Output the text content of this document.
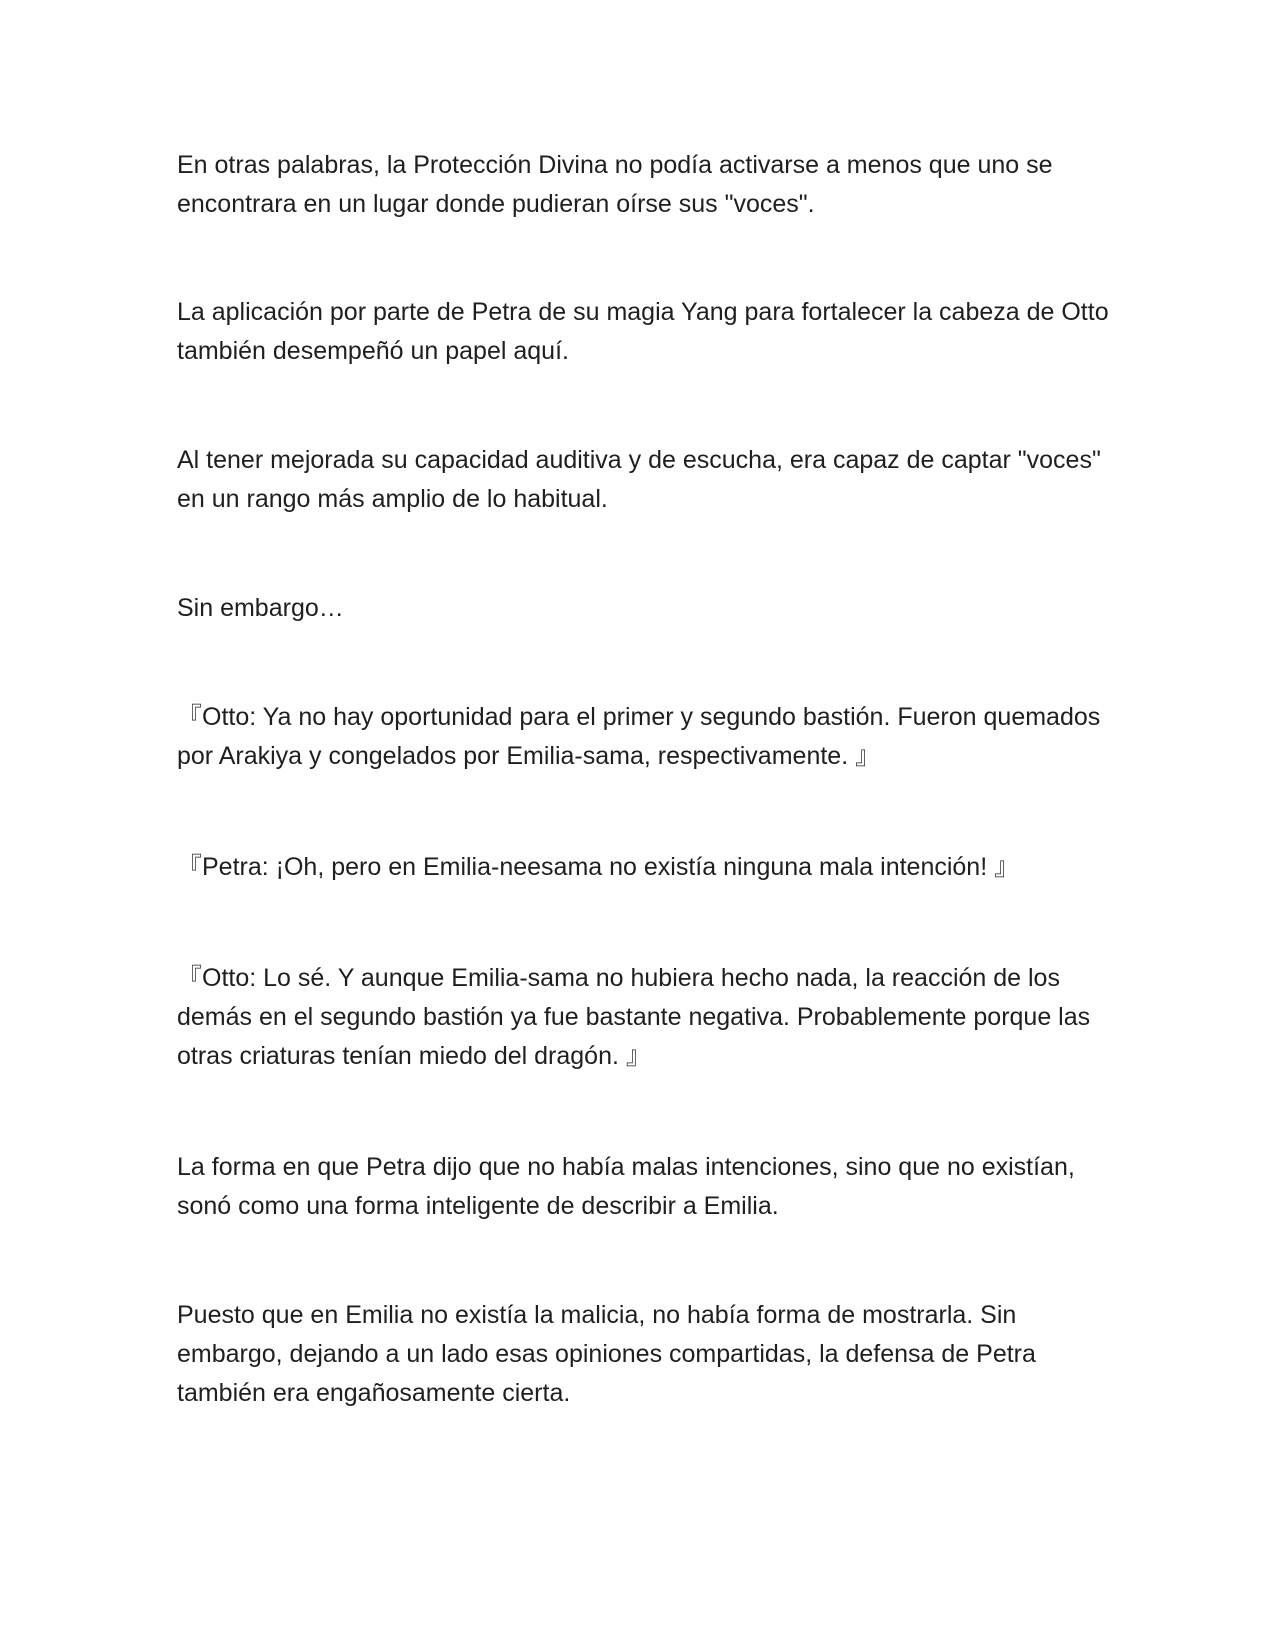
En otras palabras, la Protección Divina no podía activarse a menos que uno se encontrara en un lugar donde pudieran oírse sus "voces".

La aplicación por parte de Petra de su magia Yang para fortalecer la cabeza de Otto también desempeñó un papel aquí.

Al tener mejorada su capacidad auditiva y de escucha, era capaz de captar "voces" en un rango más amplio de lo habitual.

Sin embargo…

『Otto: Ya no hay oportunidad para el primer y segundo bastión. Fueron quemados por Arakiya y congelados por Emilia-sama, respectivamente. 』

『Petra: ¡Oh, pero en Emilia-neesama no existía ninguna mala intención! 』

『Otto: Lo sé. Y aunque Emilia-sama no hubiera hecho nada, la reacción de los demás en el segundo bastión ya fue bastante negativa. Probablemente porque las otras criaturas tenían miedo del dragón. 』

La forma en que Petra dijo que no había malas intenciones, sino que no existían, sonó como una forma inteligente de describir a Emilia.

Puesto que en Emilia no existía la malicia, no había forma de mostrarla. Sin embargo, dejando a un lado esas opiniones compartidas, la defensa de Petra también era engañosamente cierta.
